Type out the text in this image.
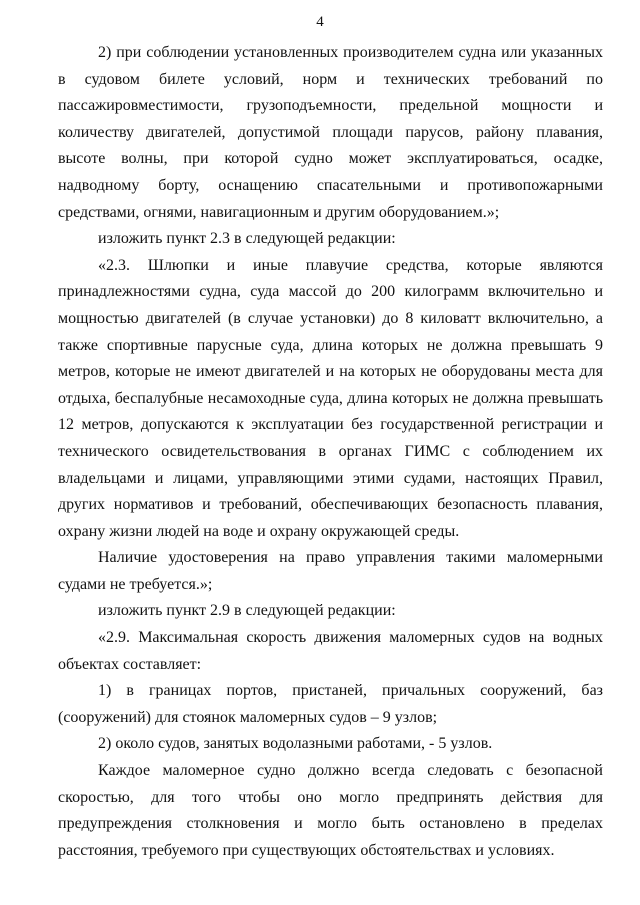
4

2) при соблюдении установленных производителем судна или указанных в судовом билете условий, норм и технических требований по пассажировместимости, грузоподъемности, предельной мощности и количеству двигателей, допустимой площади парусов, району плавания, высоте волны, при которой судно может эксплуатироваться, осадке, надводному борту, оснащению спасательными и противопожарными средствами, огнями, навигационным и другим оборудованием.»;

изложить пункт 2.3 в следующей редакции:

«2.3. Шлюпки и иные плавучие средства, которые являются принадлежностями судна, суда массой до 200 килограмм включительно и мощностью двигателей (в случае установки) до 8 киловатт включительно, а также спортивные парусные суда, длина которых не должна превышать 9 метров, которые не имеют двигателей и на которых не оборудованы места для отдыха, беспалубные несамоходные суда, длина которых не должна превышать 12 метров, допускаются к эксплуатации без государственной регистрации и технического освидетельствования в органах ГИМС с соблюдением их владельцами и лицами, управляющими этими судами, настоящих Правил, других нормативов и требований, обеспечивающих безопасность плавания, охрану жизни людей на воде и охрану окружающей среды.

Наличие удостоверения на право управления такими маломерными судами не требуется.»;

изложить пункт 2.9 в следующей редакции:

«2.9. Максимальная скорость движения маломерных судов на водных объектах составляет:

1) в границах портов, пристаней, причальных сооружений, баз (сооружений) для стоянок маломерных судов – 9 узлов;

2) около судов, занятых водолазными работами, - 5 узлов.

Каждое маломерное судно должно всегда следовать с безопасной скоростью, для того чтобы оно могло предпринять действия для предупреждения столкновения и могло быть остановлено в пределах расстояния, требуемого при существующих обстоятельствах и условиях.
